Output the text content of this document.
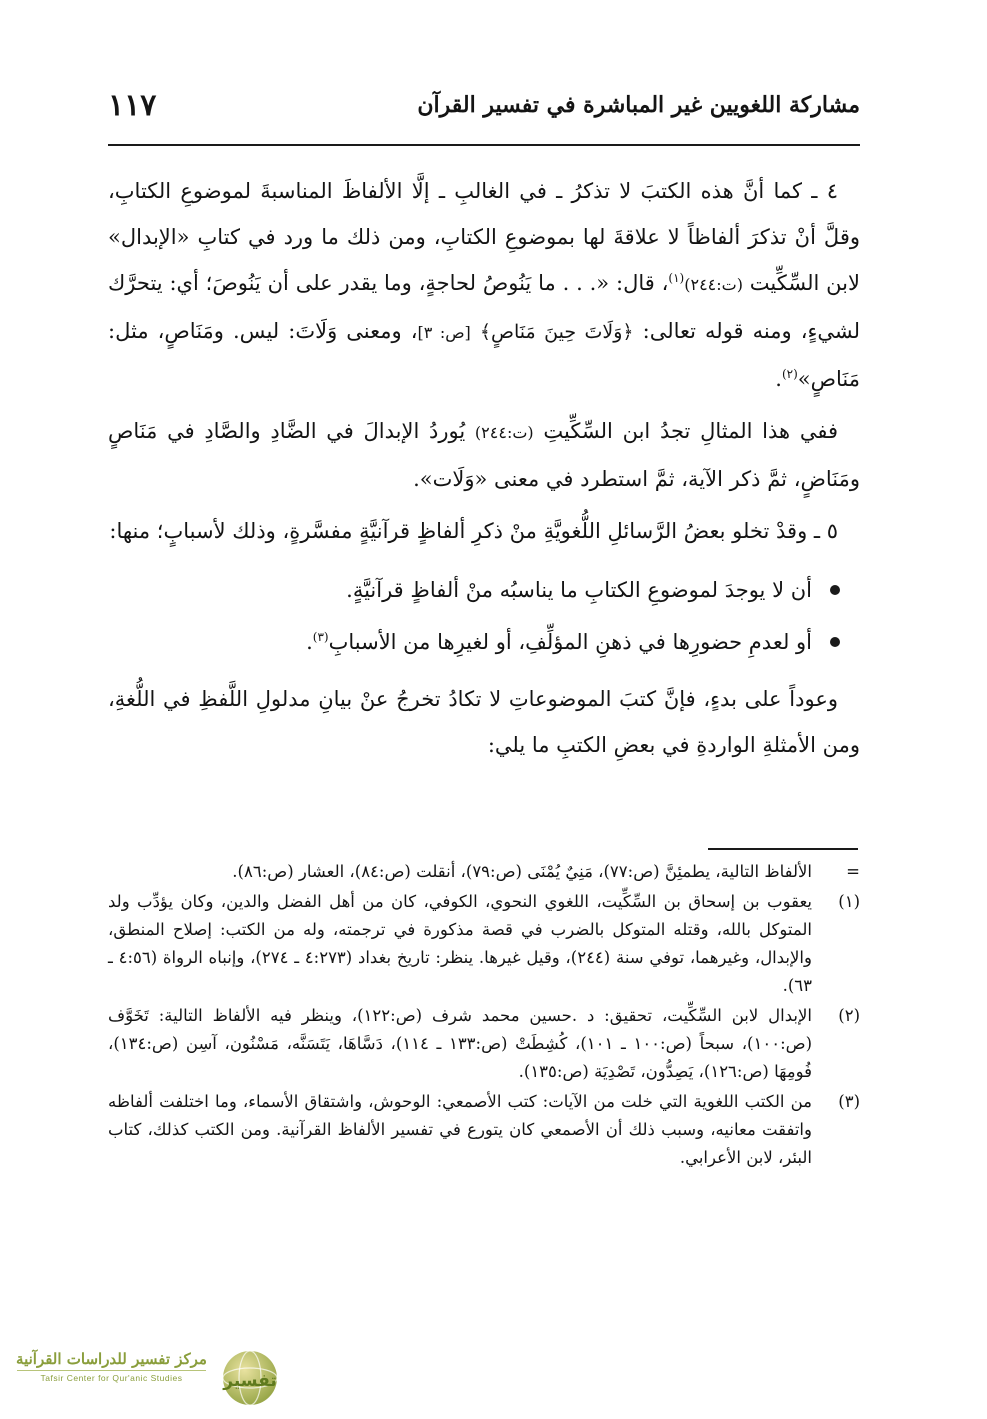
مشاركة اللغويين غير المباشرة في تفسير القرآن
١١٧

٤ ـ كما أنَّ هذه الكتبَ لا تذكرُ ـ في الغالبِ ـ إلَّا الألفاظَ المناسبةَ لموضوعِ الكتابِ، وقلَّ أنْ تذكرَ ألفاظاً لا علاقةَ لها بموضوعِ الكتابِ، ومن ذلك ما ورد في كتابِ «الإبدال» لابن السِّكِّيت (ت:٢٤٤)$^{(١)}$، قال: «. . . ما يَنُوصُ لحاجةٍ، وما يقدر على أن يَنُوصَ؛ أي: يتحرَّك لشيءٍ، ومنه قوله تعالى: ﴿وَلَاتَ حِينَ مَنَاصٍ﴾ [ص: ٣]، ومعنى وَلَاتَ: ليس. ومَنَاصٍ، مثل: مَنَاصٍ»$^{(٢)}$.

ففي هذا المثالِ تجدُ ابن السِّكِّيتِ (ت:٢٤٤) يُوردُ الإبدالَ في الضَّادِ والصَّادِ في مَنَاصٍ ومَنَاضٍ، ثمَّ ذكر الآية، ثمَّ استطرد في معنى «وَلَات».

٥ ـ وقدْ تخلو بعضُ الرَّسائلِ اللُّغويَّةِ منْ ذكرِ ألفاظٍ قرآنيَّةٍ مفسَّرةٍ، وذلك لأسبابٍ؛ منها:

أن لا يوجدَ لموضوعِ الكتابِ ما يناسبُه منْ ألفاظٍ قرآنيَّةٍ.
أو لعدمِ حضورِها في ذهنِ المؤلِّفِ، أو لغيرِها من الأسبابِ$^{(٣)}$.

وعوداً على بدءٍ، فإنَّ كتبَ الموضوعاتِ لا تكادُ تخرجُ عنْ بيانِ مدلولِ اللَّفظِ في اللُّغةِ، ومن الأمثلةِ الواردةِ في بعضِ الكتبِ ما يلي:

=
الألفاظ التالية، يطمئِنَّ (ص:٧٧)، مَنِيٌ يُمْنَى (ص:٧٩)، أنقلت (ص:٨٤)، العشار (ص:٨٦).
(١)
يعقوب بن إسحاق بن السِّكِّيت، اللغوي النحوي، الكوفي، كان من أهل الفضل والدين، وكان يؤدِّب ولد المتوكل بالله، وقتله المتوكل بالضرب في قصة مذكورة في ترجمته، وله من الكتب: إصلاح المنطق، والإبدال، وغيرهما، توفي سنة (٢٤٤)، وقيل غيرها. ينظر: تاريخ بغداد (٤:٢٧٣ ـ ٢٧٤)، وإنباه الرواة (٤:٥٦ ـ ٦٣).
(٢)
الإبدال لابن السِّكِّيت، تحقيق: د .حسين محمد شرف (ص:١٢٢)، وينظر فيه الألفاظ التالية: تَخَوَّف (ص:١٠٠)، سبحاً (ص:١٠٠ ـ ١٠١)، كُشِطَتْ (ص:١٣٣ ـ ١١٤)، دَسَّاهَا، يَتَسَنَّه، مَسْنُون، آسِن (ص:١٣٤)، فُومِهَا (ص:١٢٦)، يَصِدُّون، تَصْدِيَة (ص:١٣٥).
(٣)
من الكتب اللغوية التي خلت من الآيات: كتب الأصمعي: الوحوش، واشتقاق الأسماء، وما اختلفت ألفاظه واتفقت معانيه، وسبب ذلك أن الأصمعي كان يتورع في تفسير الألفاظ القرآنية. ومن الكتب كذلك، كتاب البئر، لابن الأعرابي.
تفسير
مركز تفسير للدراسات القرآنية
Tafsir Center for Qur'anic Studies
